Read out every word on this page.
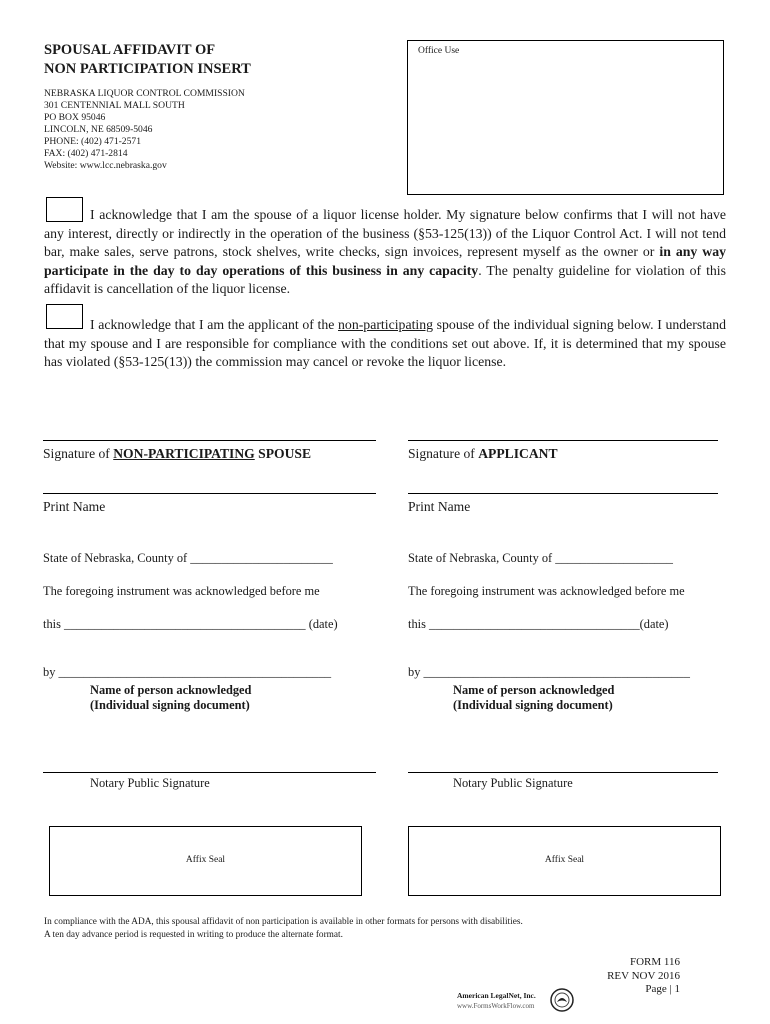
SPOUSAL AFFIDAVIT OF
NON PARTICIPATION INSERT
NEBRASKA LIQUOR CONTROL COMMISSION
301 CENTENNIAL MALL SOUTH
PO BOX 95046
LINCOLN, NE 68509-5046
PHONE: (402) 471-2571
FAX: (402) 471-2814
Website: www.lcc.nebraska.gov
Office Use
I acknowledge that I am the spouse of a liquor license holder. My signature below confirms that I will not have any interest, directly or indirectly in the operation of the business (§53-125(13)) of the Liquor Control Act. I will not tend bar, make sales, serve patrons, stock shelves, write checks, sign invoices, represent myself as the owner or in any way participate in the day to day operations of this business in any capacity. The penalty guideline for violation of this affidavit is cancellation of the liquor license.
I acknowledge that I am the applicant of the non-participating spouse of the individual signing below. I understand that my spouse and I are responsible for compliance with the conditions set out above. If, it is determined that my spouse has violated (§53-125(13)) the commission may cancel or revoke the liquor license.
Signature of NON-PARTICIPATING SPOUSE	Signature of APPLICANT
Print Name	Print Name
State of Nebraska, County of _______________________	State of Nebraska, County of ___________________
The foregoing instrument was acknowledged before me	The foregoing instrument was acknowledged before me
this _______________________________________ (date)	this __________________________________(date)
by ____________________________________________	by ___________________________________________
Name of person acknowledged
(Individual signing document)
Name of person acknowledged
(Individual signing document)
Notary Public Signature	Notary Public Signature
Affix Seal	Affix Seal
In compliance with the ADA, this spousal affidavit of non participation is available in other formats for persons with disabilities.
A ten day advance period is requested in writing to produce the alternate format.
FORM 116
REV NOV 2016
Page | 1
American LegalNet, Inc.
www.FormsWorkFlow.com
